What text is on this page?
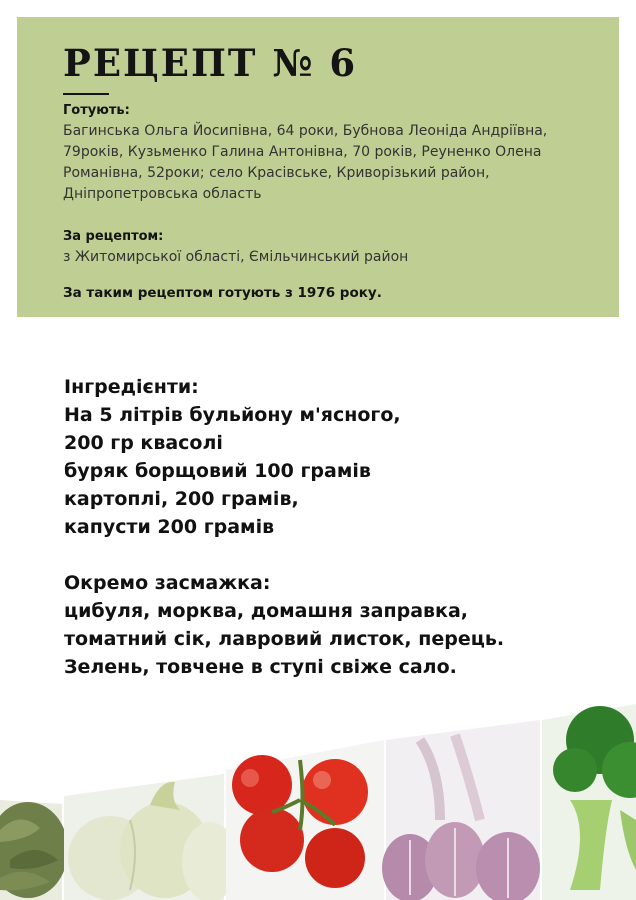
РЕЦЕПТ № 6
Готують:
Багинська Ольга Йосипівна, 64 роки, Бубнова Леоніда Андріївна, 79років, Кузьменко Галина Антонівна, 70 років, Реуненко Олена Романівна, 52роки; село Красівське, Криворізький район, Дніпропетровська область
За рецептом:
з Житомирської області, Ємільчинський район
За таким рецептом готують з 1976 року.
Інгредієнти:
На 5 літрів бульйону м'ясного,
200 гр квасолі
буряк борщовий 100 грамів
картоплі, 200 грамів,
капусти 200 грамів
Окремо засмажка:
цибуля, морква, домашня заправка,
томатний сік, лавровий листок, перець.
Зелень, товчене в ступі свіже сало.
